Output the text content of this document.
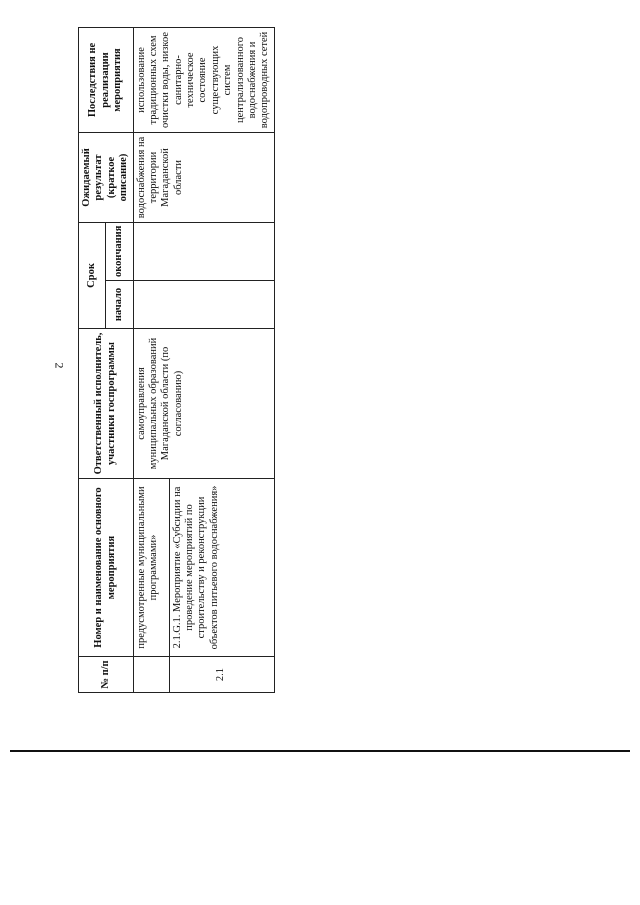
2
№ п/п	Номер и наименование основного мероприятия	Ответственный исполнитель, участники госпрограммы	Срок		Ожидаемый результат (краткое описание)	Последствия не реализации мероприятия
			начало	окончания		
	предусмотренные муниципальными программами»	самоуправления муниципальных образований Магаданской области (по согласованию)			водоснабжения на территории Магаданской области	использование традиционных схем очистки воды, низкое санитарно-техническое состояние существующих систем централизованного водоснабжения и водопроводных сетей
2.1	2.1.G.1. Мероприятие «Субсидии на проведение мероприятий по строительству и реконструкции объектов питьевого водоснабжения»					
